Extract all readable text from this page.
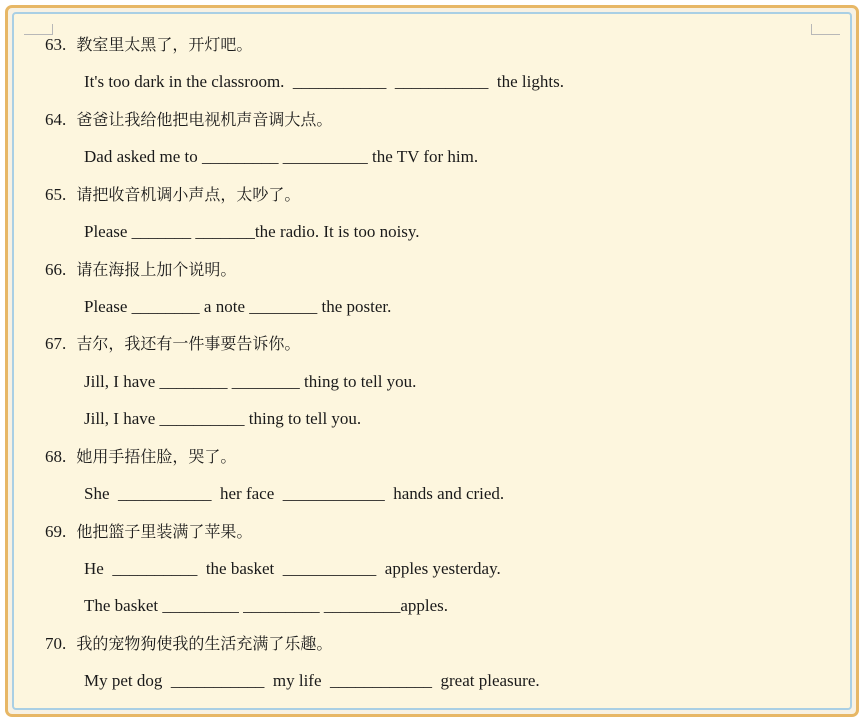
63. 教室里太黑了，开灯吧。
It's too dark in the classroom.  ___________  ___________  the lights.
64. 爸爸让我给他把电视机声音调大点。
Dad asked me to _________ __________ the TV for him.
65. 请把收音机调小声点，太吵了。
Please _______ _______the radio. It is too noisy.
66. 请在海报上加个说明。
Please ________ a note ________ the poster.
67. 吉尔，我还有一件事要告诉你。
Jill, I have ________ ________ thing to tell you.
Jill, I have __________ thing to tell you.
68. 她用手捂住脸，哭了。
She  ___________  her face  ____________  hands and cried.
69. 他把篮子里装满了苹果。
He  __________  the basket  ___________  apples yesterday.
The basket _________ _________ _________apples.
70. 我的宠物狗使我的生活充满了乐趣。
My pet dog  ___________  my life  ____________  great pleasure.
